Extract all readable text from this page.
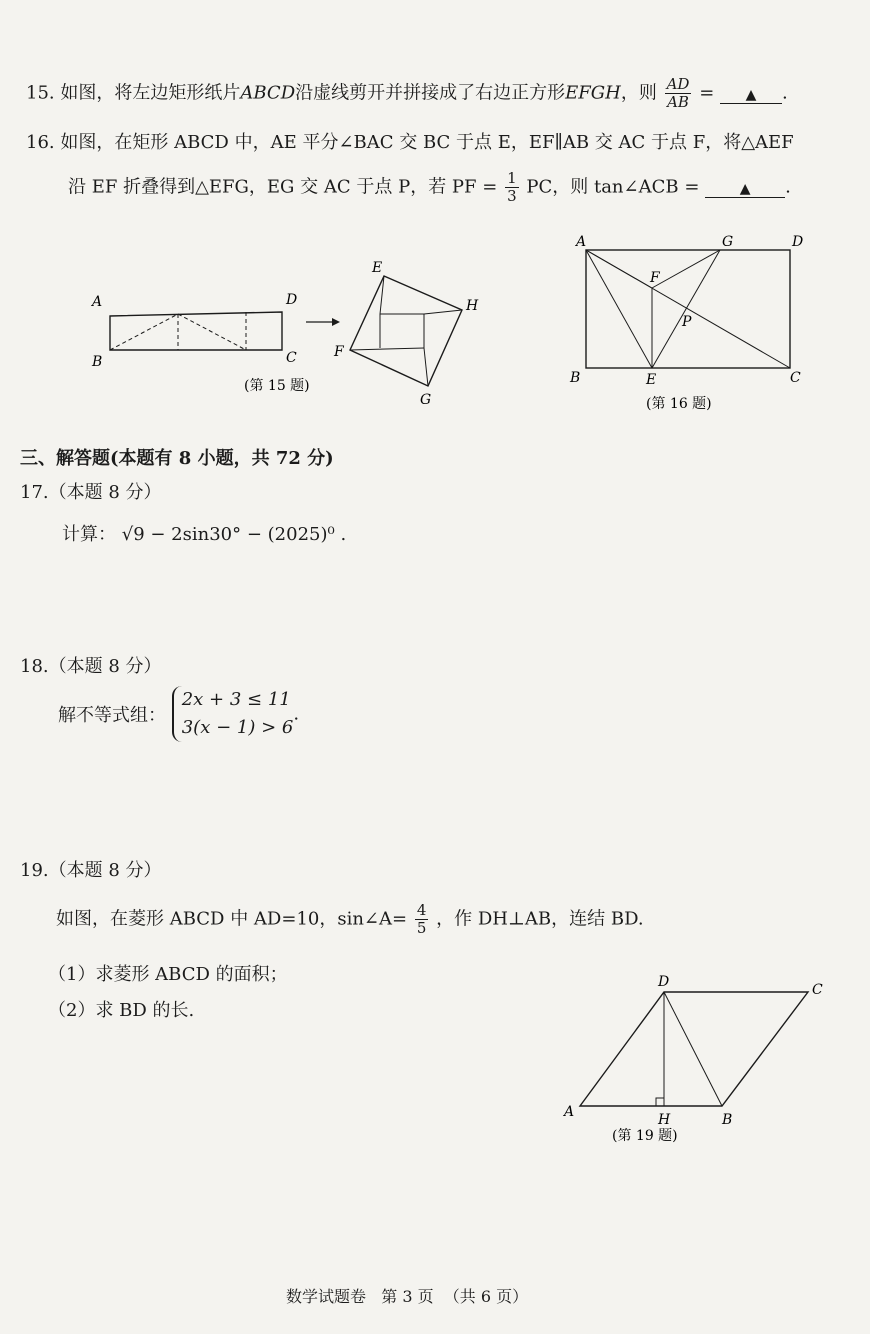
15. 如图，将左边矩形纸片ABCD沿虚线剪开并拼接成了右边正方形EFGH，则 $\frac{AD}{AB}$ = ▲ .
16. 如图，在矩形 ABCD 中，AE 平分∠BAC 交 BC 于点 E，EF∥AB 交 AC 于点 F，将△AEF
沿 EF 折叠得到△EFG，EG 交 AC 于点 P，若 PF = $\frac{1}{3}$ PC，则 tan∠ACB =	▲ .
A
B
D
C
E
H
F
G
(第 15 题)
A	G	D
F
P
B	E	C
(第 16 题)
三、解答题(本题有 8 小题，共 72 分)
17.（本题 8 分）
计算： √9 − 2sin30° − (2025)⁰ .
18.（本题 8 分）
解不等式组：
2x + 3 ≤ 11
3(x − 1) > 6
.
19.（本题 8 分）
如图，在菱形 ABCD 中 AD=10，sin∠A= $\frac{4}{5}$ ，作 DH⊥AB，连结 BD.
（1）求菱形 ABCD 的面积；
（2）求 BD 的长.
D	C
A	H	B
(第 19 题)
数学试题卷   第 3 页  （共 6 页）
